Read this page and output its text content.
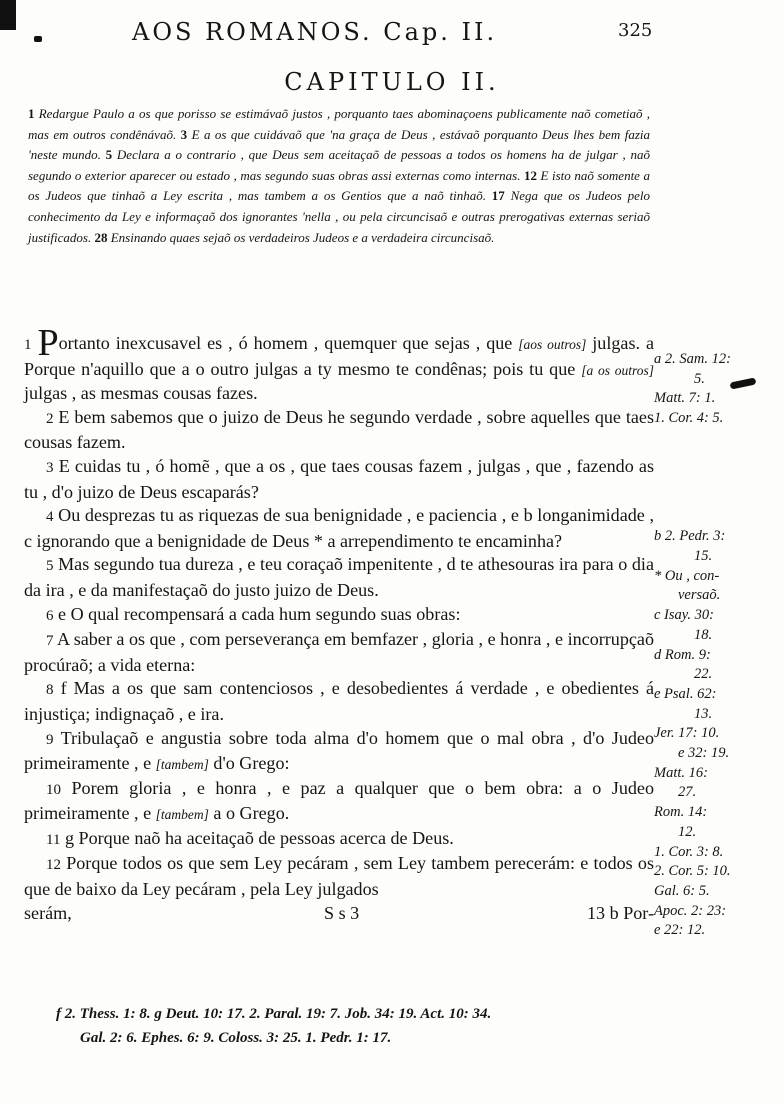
AOS ROMANOS. Cap. II.	325
CAPITULO II.
1 Redargue Paulo a os que porisso se estimávaõ justos , porquanto taes abominaçoens publicamente naõ cometiaõ , mas em outros condênávaõ. 3 E a os que cuidávaõ que 'na graça de Deus , estávaõ porquanto Deus lhes bem fazia 'neste mundo. 5 Declara a o contrario , que Deus sem aceitaçaõ de pessoas a todos os homens ha de julgar , naõ segundo o exterior aparecer ou estado , mas segundo suas obras assi externas como internas. 12 E isto naõ somente a os Judeos que tinhaõ a Ley escrita , mas tambem a os Gentios que a naõ tinhaõ. 17 Nega que os Judeos pelo conhecimento da Ley e informaçaõ dos ignorantes 'nella , ou pela circuncisaõ e outras prerogativas externas seriaõ justificados. 28 Ensinando quaes sejaõ os verdadeiros Judeos e a verdadeira circuncisaõ.

1 Portanto inexcusavel es , ó homem , quemquer que sejas , que [aos outros] julgas. a Porque n'aquillo que a o outro julgas a ty mesmo te condênas; pois tu que [a os outros] julgas , as mesmas cousas fazes.

2 E bem sabemos que o juizo de Deus he segundo verdade , sobre aquelles que taes cousas fazem.

3 E cuidas tu , ó homẽ , que a os , que taes cousas fazem , julgas , que , fazendo as tu , d'o juizo de Deus escaparás?

4 Ou desprezas tu as riquezas de sua benignidade , e paciencia , e b longanimidade , c ignorando que a benignidade de Deus * a arrependimento te encaminha?

5 Mas segundo tua dureza , e teu coraçaõ impenitente , d te athesouras ira para o dia da ira , e da manifestaçaõ do justo juizo de Deus.

6 e O qual recompensará a cada hum segundo suas obras:

7 A saber a os que , com perseverança em bemfazer , gloria , e honra , e incorrupçaõ procúraõ; a vida eterna:

8 f Mas a os que sam contenciosos , e desobedientes á verdade , e obedientes á injustiça; indignaçaõ , e ira.

9 Tribulaçaõ e angustia sobre toda alma d'o homem que o mal obra , d'o Judeo primeiramente , e [tambem] d'o Grego:

10 Porem gloria , e honra , e paz a qualquer que o bem obra: a o Judeo primeiramente , e [tambem] a o Grego.

11 g Porque naõ ha aceitaçaõ de pessoas acerca de Deus.

12 Porque todos os que sem Ley pecáram , sem Ley tambem perecerám: e todos os que de baixo da Ley pecáram , pela Ley julgados

serám,	S s 3	13 b Por-
a 2. Sam. 12:
5.
Matt. 7: 1.
1. Cor. 4: 5.

b 2. Pedr. 3:
15.
* Ou , con-
versaõ.
c Isay. 30:
18.
d Rom. 9:
22.
e Psal. 62:
13.
Jer. 17: 10.
e 32: 19.
Matt. 16:
27.
Rom. 14:
12.
1. Cor. 3: 8.
2. Cor. 5: 10.
Gal. 6: 5.
Apoc. 2: 23:
e 22: 12.
f 2. Thess. 1: 8. g Deut. 10: 17. 2. Paral. 19: 7. Job. 34: 19. Act. 10: 34.
Gal. 2: 6. Ephes. 6: 9. Coloss. 3: 25. 1. Pedr. 1: 17.
